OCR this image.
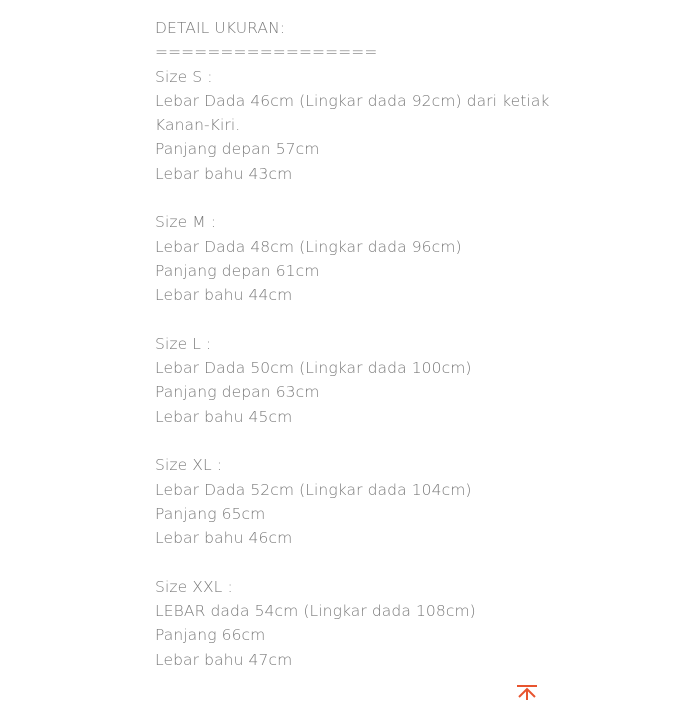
DETAIL UKURAN:
=================
Size S :
Lebar Dada 46cm (Lingkar dada 92cm) dari ketiak
Kanan-Kiri.
Panjang depan 57cm
Lebar bahu 43cm
Size M :
Lebar Dada 48cm (Lingkar dada 96cm)
Panjang depan 61cm
Lebar bahu 44cm
Size L :
Lebar Dada 50cm (Lingkar dada 100cm)
Panjang depan 63cm
Lebar bahu 45cm
Size XL :
Lebar Dada 52cm (Lingkar dada 104cm)
Panjang 65cm
Lebar bahu 46cm
Size XXL :
LEBAR dada 54cm (Lingkar dada 108cm)
Panjang 66cm
Lebar bahu 47cm
